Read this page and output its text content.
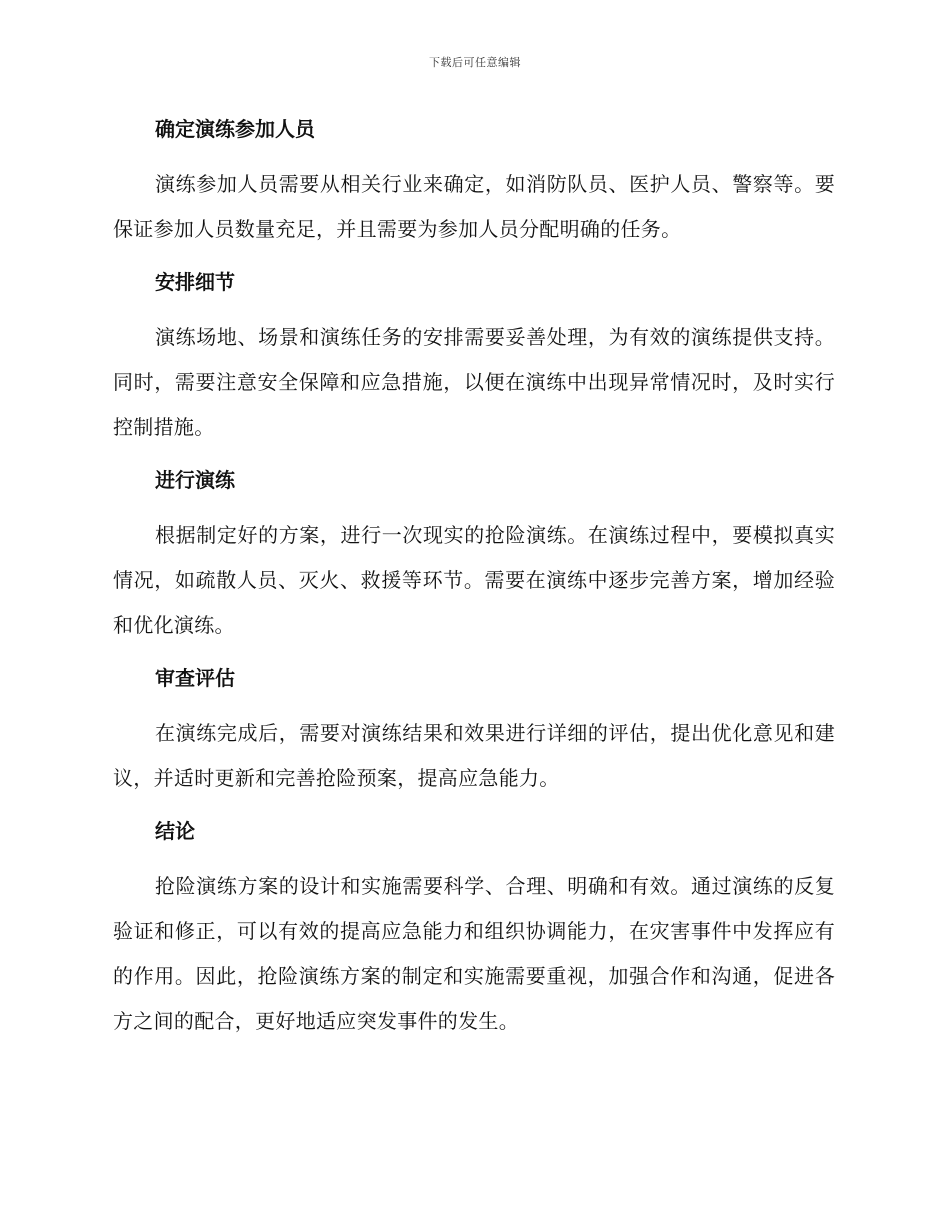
下载后可任意编辑
确定演练参加人员
演练参加人员需要从相关行业来确定，如消防队员、医护人员、警察等。要保证参加人员数量充足，并且需要为参加人员分配明确的任务。
安排细节
演练场地、场景和演练任务的安排需要妥善处理，为有效的演练提供支持。同时，需要注意安全保障和应急措施，以便在演练中出现异常情况时，及时实行控制措施。
进行演练
根据制定好的方案，进行一次现实的抢险演练。在演练过程中，要模拟真实情况，如疏散人员、灭火、救援等环节。需要在演练中逐步完善方案，增加经验和优化演练。
审查评估
在演练完成后，需要对演练结果和效果进行详细的评估，提出优化意见和建议，并适时更新和完善抢险预案，提高应急能力。
结论
抢险演练方案的设计和实施需要科学、合理、明确和有效。通过演练的反复验证和修正，可以有效的提高应急能力和组织协调能力，在灾害事件中发挥应有的作用。因此，抢险演练方案的制定和实施需要重视，加强合作和沟通，促进各方之间的配合，更好地适应突发事件的发生。
